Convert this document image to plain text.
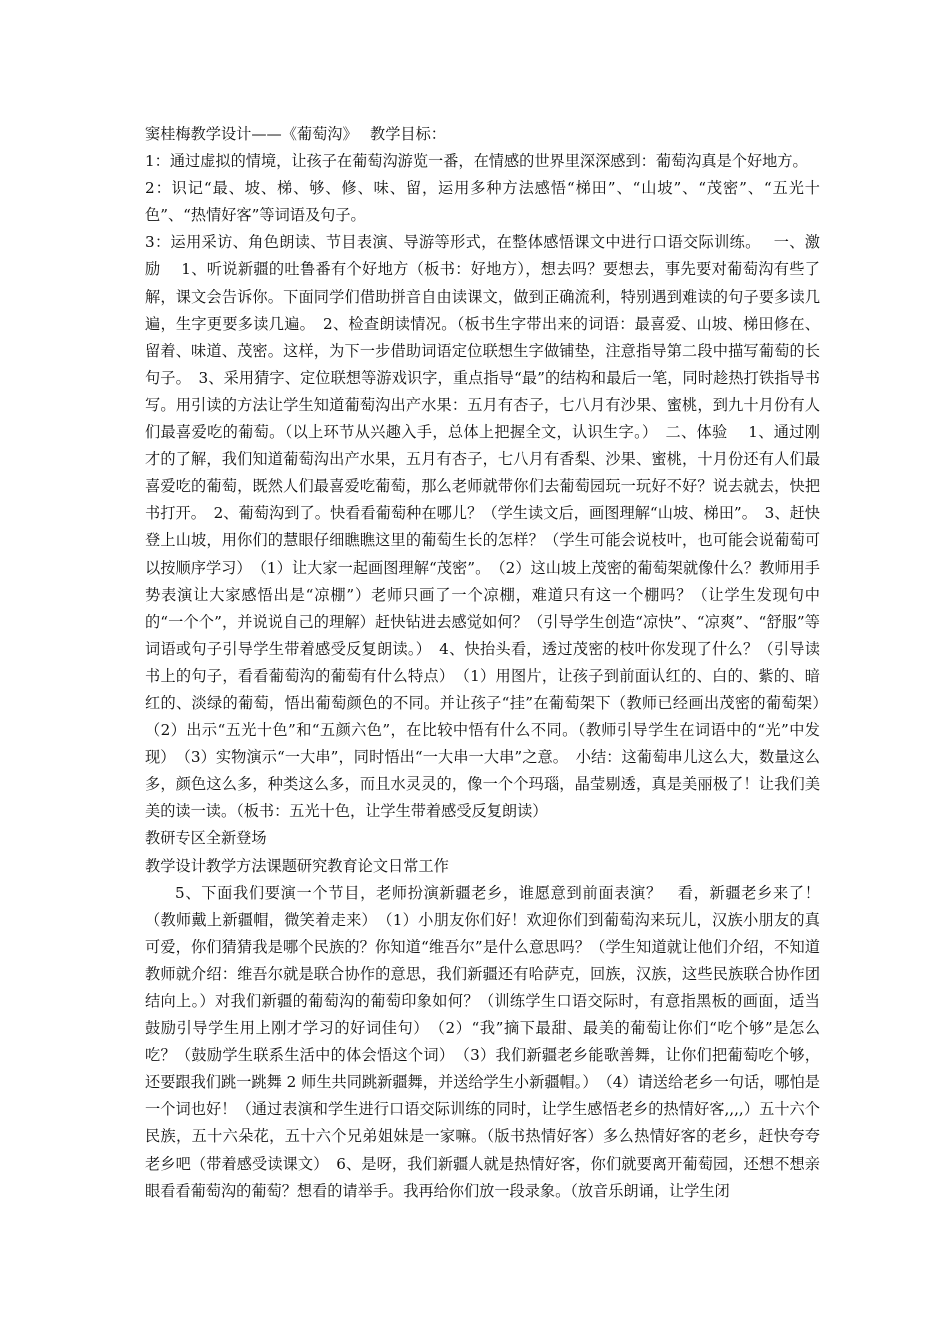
窦桂梅教学设计——《葡萄沟》　 教学目标：

1：通过虚拟的情境，让孩子在葡萄沟游览一番，在情感的世界里深深感到：葡萄沟真是个好地方。

2：识记“最、坡、梯、够、修、味、留，运用多种方法感悟“梯田”、“山坡”、“茂密”、“五光十色”、“热情好客”等词语及句子。

3：运用采访、角色朗读、节目表演、导游等形式，在整体感悟课文中进行口语交际训练。　 一、激励　 1、听说新疆的吐鲁番有个好地方（板书：好地方），想去吗？要想去，事先要对葡萄沟有些了解，课文会告诉你。下面同学们借助拼音自由读课文，做到正确流利，特别遇到难读的句子要多读几遍，生字更要多读几遍。　2、检查朗读情况。（板书生字带出来的词语：最喜爱、山坡、梯田修在、留着、味道、茂密。这样，为下一步借助词语定位联想生字做铺垫，注意指导第二段中描写葡萄的长句子。　3、采用猜字、定位联想等游戏识字，重点指导“最”的结构和最后一笔，同时趁热打铁指导书写。用引读的方法让学生知道葡萄沟出产水果：五月有杏子，七八月有沙果、蜜桃，到九十月份有人们最喜爱吃的葡萄。（以上环节从兴趣入手，总体上把握全文，认识生字。）　二、体验　 1、通过刚才的了解，我们知道葡萄沟出产水果，五月有杏子，七八月有香梨、沙果、蜜桃，十月份还有人们最喜爱吃的葡萄，既然人们最喜爱吃葡萄，那么老师就带你们去葡萄园玩一玩好不好？说去就去，快把书打开。　2、葡萄沟到了。快看看葡萄种在哪儿？（学生读文后，画图理解“山坡、梯田”。　3、赶快登上山坡，用你们的慧眼仔细瞧瞧这里的葡萄生长的怎样？（学生可能会说枝叶，也可能会说葡萄可以按顺序学习）　（1）让大家一起画图理解“茂密”。　（2）这山坡上茂密的葡萄架就像什么？教师用手势表演让大家感悟出是“凉棚”）老师只画了一个凉棚，难道只有这一个棚吗？（让学生发现句中的“一个个”，并说说自己的理解）赶快钻进去感觉如何？（引导学生创造“凉快”、“凉爽”、“舒服”等词语或句子引导学生带着感受反复朗读。）　4、快抬头看，透过茂密的枝叶你发现了什么？（引导读书上的句子，看看葡萄沟的葡萄有什么特点）　（1）用图片，让孩子到前面认红的、白的、紫的、暗红的、淡绿的葡萄，悟出葡萄颜色的不同。并让孩子“挂”在葡萄架下（教师已经画出茂密的葡萄架）　（2）出示“五光十色”和“五颜六色”，在比较中悟有什么不同。（教师引导学生在词语中的“光”中发现）　（3）实物演示“一大串”，同时悟出“一大串一大串”之意。　小结：这葡萄串儿这么大，数量这么多，颜色这么多，种类这么多，而且水灵灵的，像一个个玛瑙，晶莹剔透，真是美丽极了！让我们美美的读一读。（板书：五光十色，让学生带着感受反复朗读）

教研专区全新登场

教学设计教学方法课题研究教育论文日常工作

5、下面我们要演一个节目，老师扮演新疆老乡，谁愿意到前面表演？　看，新疆老乡来了！（教师戴上新疆帽，微笑着走来）　（1）小朋友你们好！欢迎你们到葡萄沟来玩儿，汉族小朋友的真可爱，你们猜猜我是哪个民族的？你知道“维吾尔”是什么意思吗？（学生知道就让他们介绍，不知道教师就介绍：维吾尔就是联合协作的意思，我们新疆还有哈萨克，回族，汉族，这些民族联合协作团结向上。）对我们新疆的葡萄沟的葡萄印象如何？（训练学生口语交际时，有意指黑板的画面，适当鼓励引导学生用上刚才学习的好词佳句）　（2）“我”摘下最甜、最美的葡萄让你们“吃个够”是怎么吃？（鼓励学生联系生活中的体会悟这个词）　（3）我们新疆老乡能歌善舞，让你们把葡萄吃个够，还要跟我们跳一跳舞 2 师生共同跳新疆舞，并送给学生小新疆帽。）　（4）请送给老乡一句话，哪怕是一个词也好！（通过表演和学生进行口语交际训练的同时，让学生感悟老乡的热情好客,,,,）五十六个民族，五十六朵花，五十六个兄弟姐妹是一家嘛。（版书热情好客）多么热情好客的老乡，赶快夸夸老乡吧（带着感受读课文）　6、是呀，我们新疆人就是热情好客，你们就要离开葡萄园，还想不想亲眼看看葡萄沟的葡萄？想看的请举手。我再给你们放一段录象。（放音乐朗诵，让学生闭
